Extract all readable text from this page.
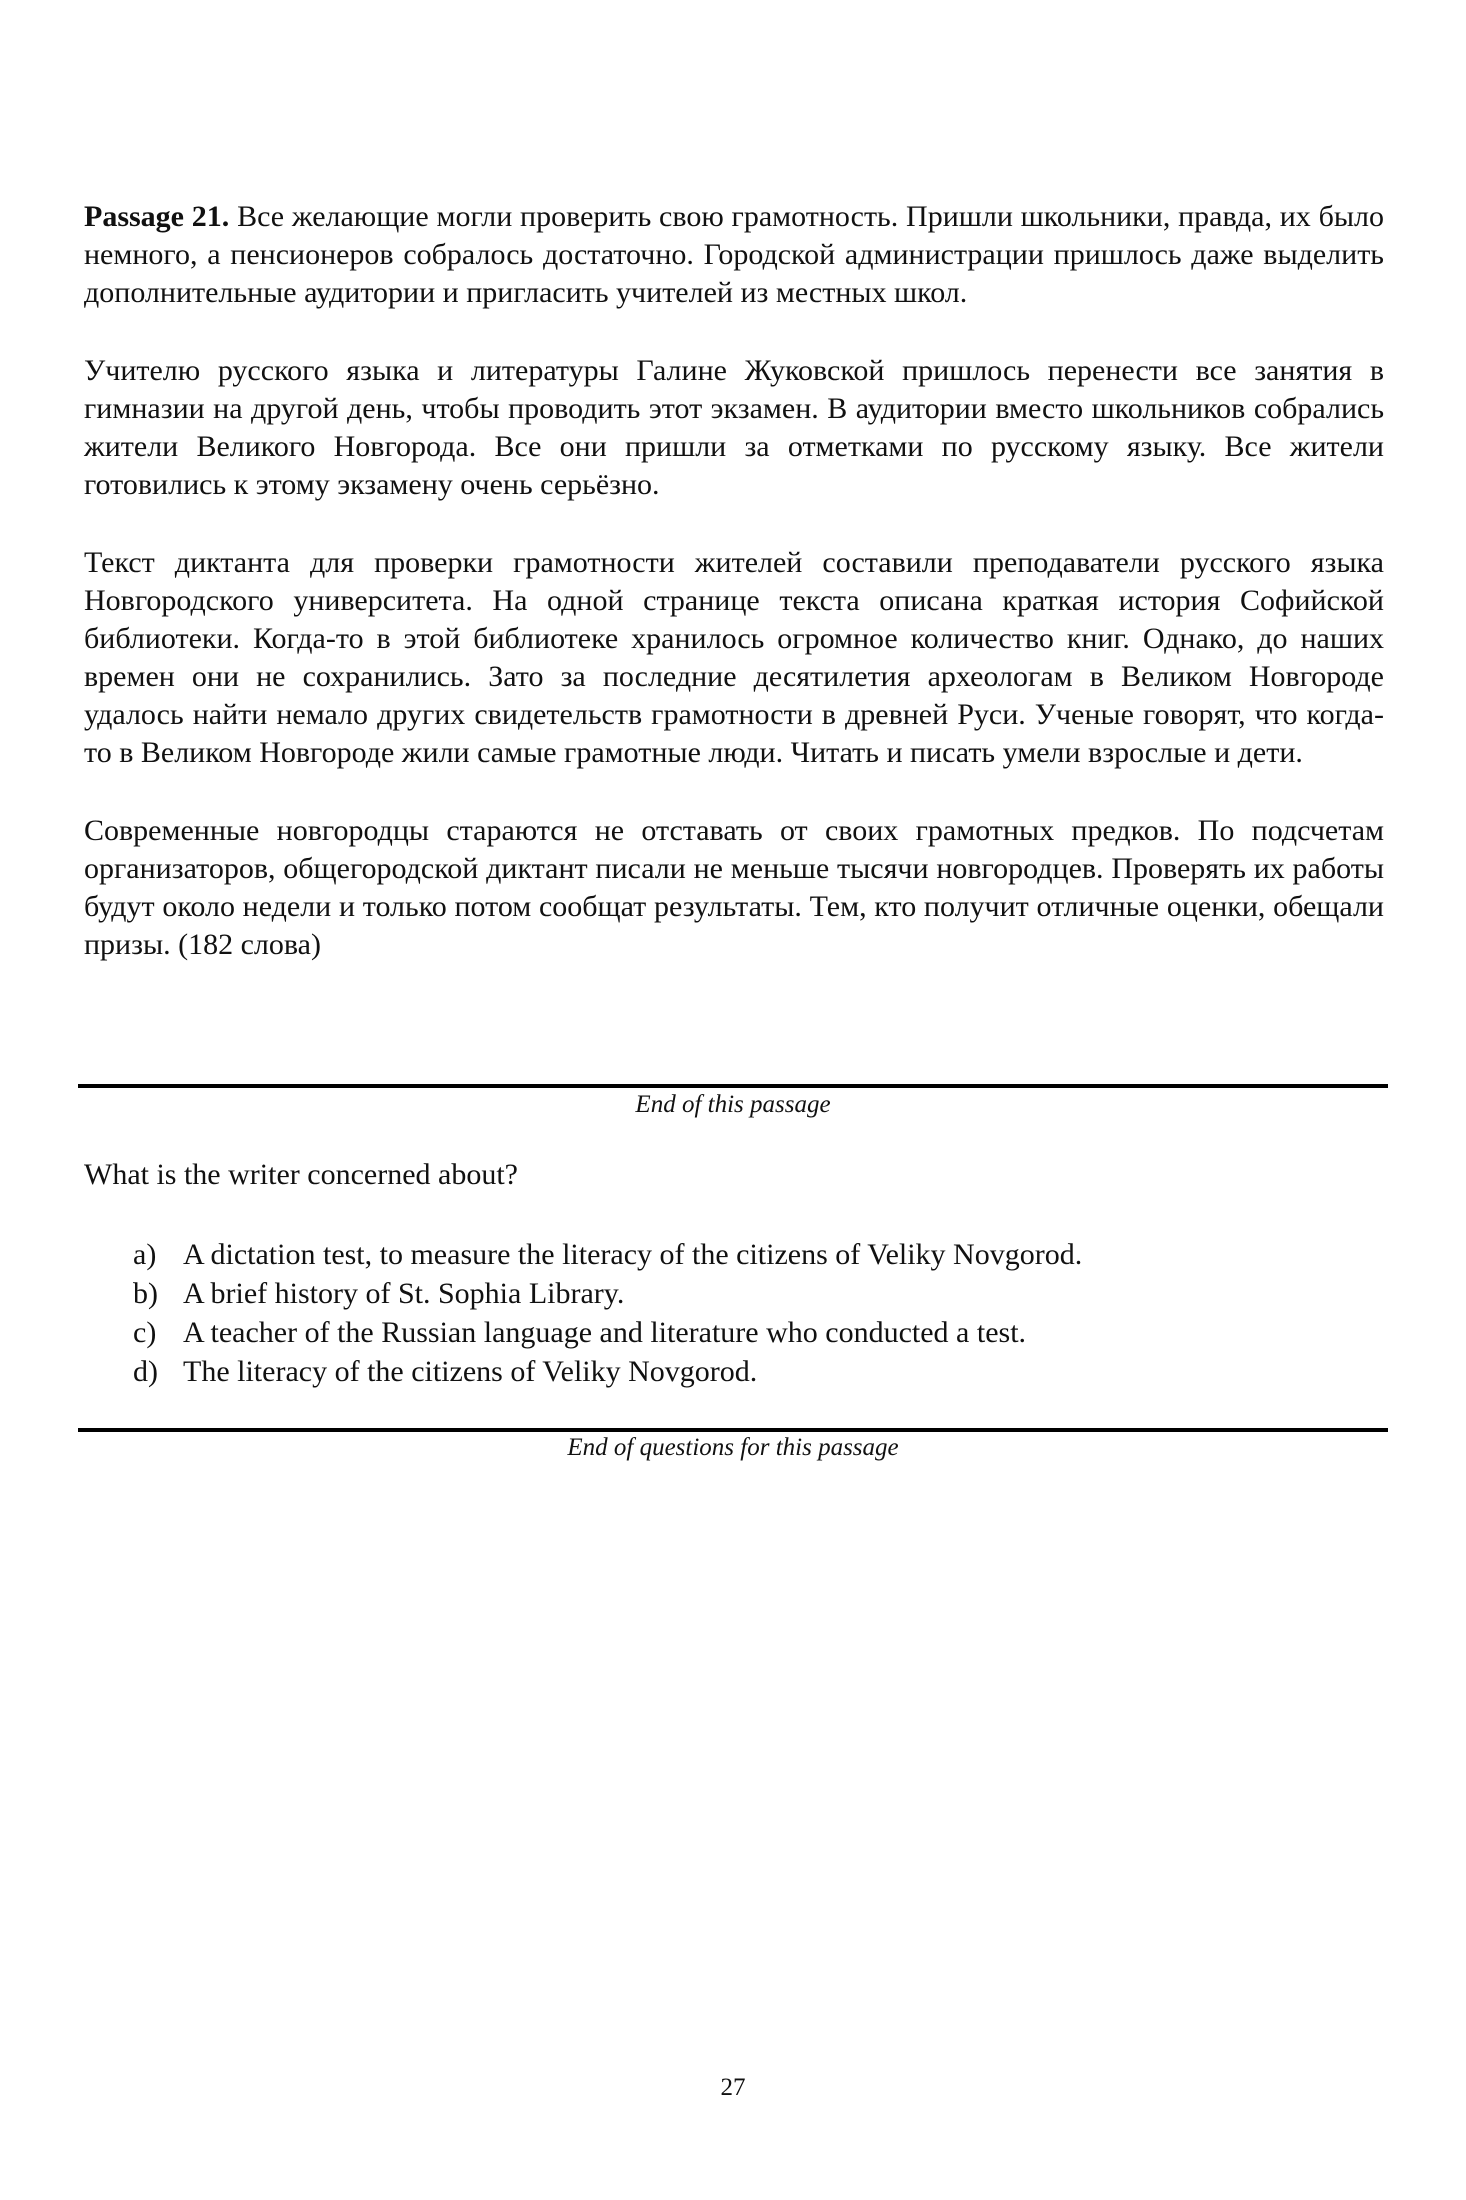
Passage 21. Все желающие могли проверить свою грамотность. Пришли школьники, правда, их было немного, а пенсионеров собралось достаточно. Городской администрации пришлось даже выделить дополнительные аудитории и пригласить учителей из местных школ.

Учителю русского языка и литературы Галине Жуковской пришлось перенести все занятия в гимназии на другой день, чтобы проводить этот экзамен. В аудитории вместо школьников собрались жители Великого Новгорода. Все они пришли за отметками по русскому языку. Все жители готовились к этому экзамену очень серьёзно.

Текст диктанта для проверки грамотности жителей составили преподаватели русского языка Новгородского университета. На одной странице текста описана краткая история Софийской библиотеки. Когда-то в этой библиотеке хранилось огромное количество книг. Однако, до наших времен они не сохранились. Зато за последние десятилетия археологам в Великом Новгороде удалось найти немало других свидетельств грамотности в древней Руси. Ученые говорят, что когда-то в Великом Новгороде жили самые грамотные люди. Читать и писать умели взрослые и дети.

Современные новгородцы стараются не отставать от своих грамотных предков. По подсчетам организаторов, общегородской диктант писали не меньше тысячи новгородцев. Проверять их работы будут около недели и только потом сообщат результаты. Тем, кто получит отличные оценки, обещали призы. (182 слова)

End of this passage

What is the writer concerned about?

a) A dictation test, to measure the literacy of the citizens of Veliky Novgorod.
b) A brief history of St. Sophia Library.
c) A teacher of the Russian language and literature who conducted a test.
d) The literacy of the citizens of Veliky Novgorod.
End of questions for this passage
27
